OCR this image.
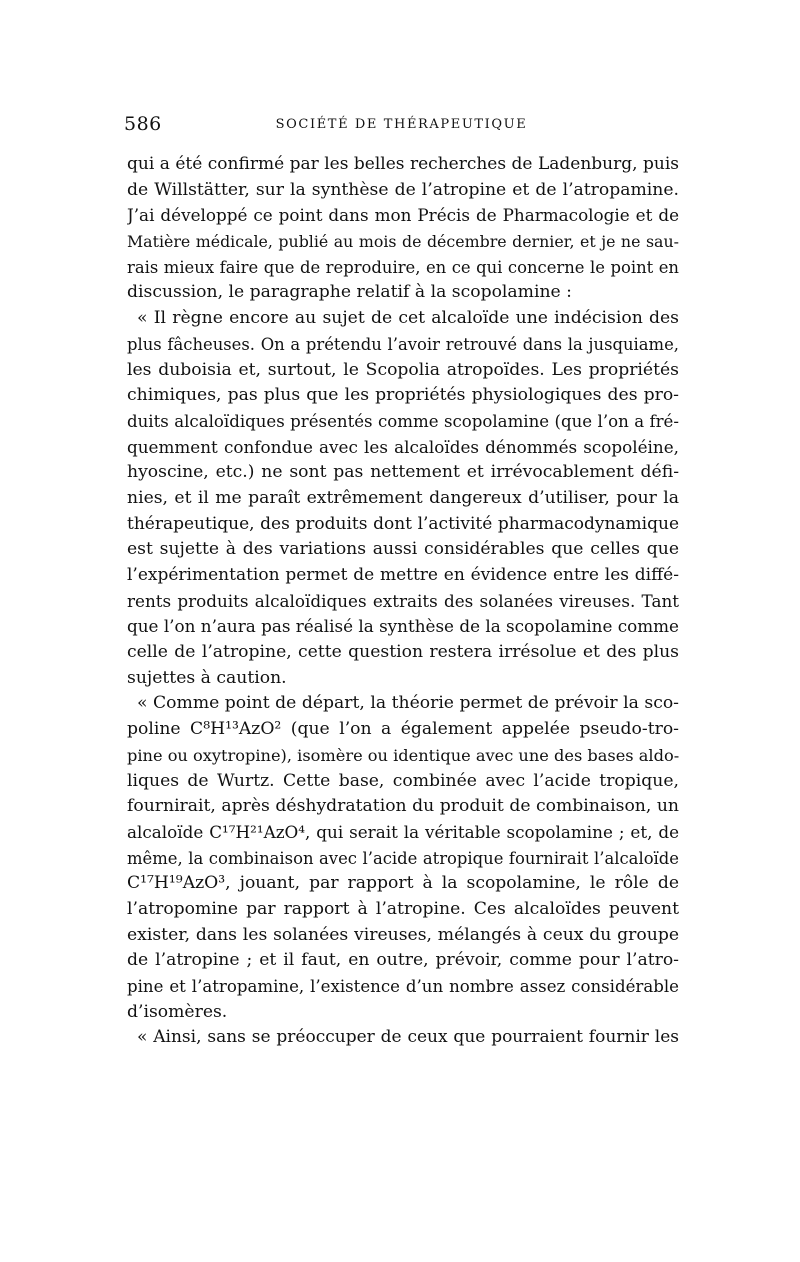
586	SOCIÉTÉ DE THÉRAPEUTIQUE
qui a été confirmé par les belles recherches de Ladenburg, puis
de Willstätter, sur la synthèse de l’atropine et de l’atropamine.
J’ai développé ce point dans mon Précis de Pharmacologie et de
Matière médicale, publié au mois de décembre dernier, et je ne sau-
rais mieux faire que de reproduire, en ce qui concerne le point en
discussion, le paragraphe relatif à la scopolamine :
« Il règne encore au sujet de cet alcaloïde une indécision des
plus fâcheuses. On a prétendu l’avoir retrouvé dans la jusquiame,
les duboisia et, surtout, le Scopolia atropoïdes. Les propriétés
chimiques, pas plus que les propriétés physiologiques des pro-
duits alcaloïdiques présentés comme scopolamine (que l’on a fré-
quemment confondue avec les alcaloïdes dénommés scopoléine,
hyoscine, etc.) ne sont pas nettement et irrévocablement défi-
nies, et il me paraît extrêmement dangereux d’utiliser, pour la
thérapeutique, des produits dont l’activité pharmacodynamique
est sujette à des variations aussi considérables que celles que
l’expérimentation permet de mettre en évidence entre les diffé-
rents produits alcaloïdiques extraits des solanées vireuses. Tant
que l’on n’aura pas réalisé la synthèse de la scopolamine comme
celle de l’atropine, cette question restera irrésolue et des plus
sujettes à caution.
« Comme point de départ, la théorie permet de prévoir la sco-
poline C⁸H¹³AzO² (que l’on a également appelée pseudo-tro-
pine ou oxytropine), isomère ou identique avec une des bases aldo-
liques de Wurtz. Cette base, combinée avec l’acide tropique,
fournirait, après déshydratation du produit de combinaison, un
alcaloïde C¹⁷H²¹AzO⁴, qui serait la véritable scopolamine ; et, de
même, la combinaison avec l’acide atropique fournirait l’alcaloïde
C¹⁷H¹⁹AzO³, jouant, par rapport à la scopolamine, le rôle de
l’atropomine par rapport à l’atropine. Ces alcaloïdes peuvent
exister, dans les solanées vireuses, mélangés à ceux du groupe
de l’atropine ; et il faut, en outre, prévoir, comme pour l’atro-
pine et l’atropamine, l’existence d’un nombre assez considérable
d’isomères.
« Ainsi, sans se préoccuper de ceux que pourraient fournir les
